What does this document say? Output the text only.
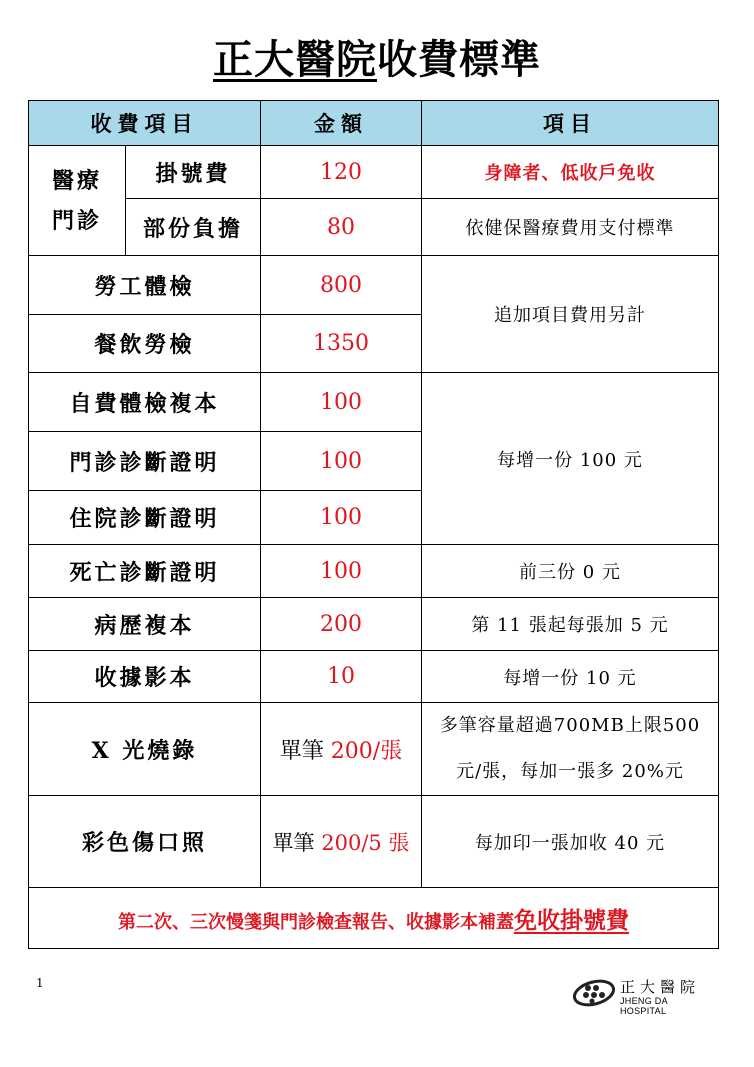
正大醫院收費標準
收費項目		金額	項目

醫療
門診	掛號費	120	身障者、低收戶免收
	部份負擔	80	依健保醫療費用支付標準
勞工體檢		800	追加項目費用另計
餐飲勞檢		1350	
自費體檢複本		100	每增一份 100 元
門診診斷證明		100	
住院診斷證明		100	
死亡診斷證明		100	前三份 0 元
病歷複本		200	第 11 張起每張加 5 元
收據影本		10	每增一份 10 元
X 光燒錄		單筆 200/張	多筆容量超過700MB上限500
元/張，每加一張多 20%元

彩色傷口照		單筆 200/5 張	每加印一張加收 40 元
第二次、三次慢箋與門診檢查報告、收據影本補蓋免收掛號費			
1	正大醫院
JHENG DA HOSPITAL
